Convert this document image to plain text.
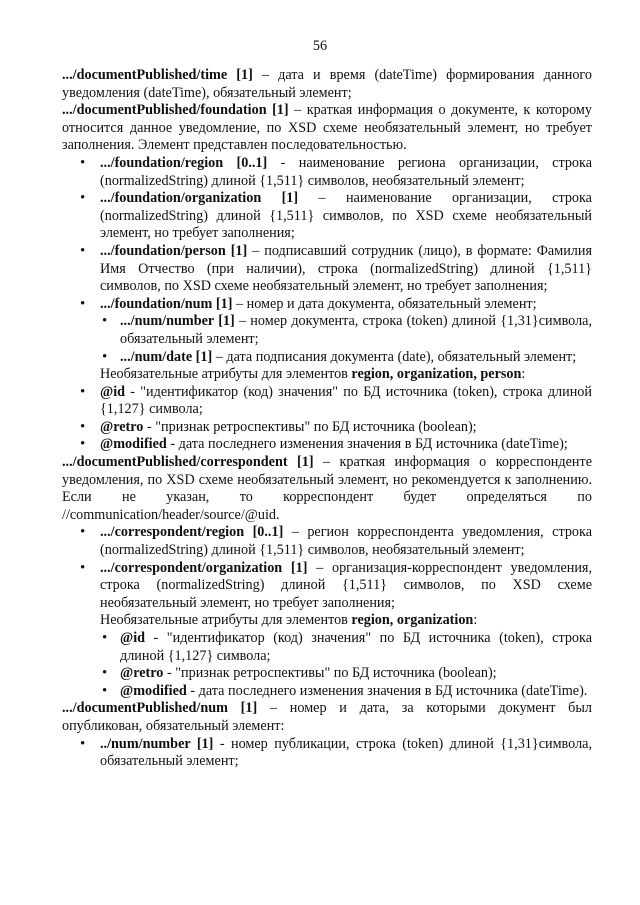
56

.../documentPublished/time [1] – дата и время (dateTime) формирования данного уведомления (dateTime), обязательный элемент;

.../documentPublished/foundation [1] – краткая информация о документе, к которому относится данное уведомление, по XSD схеме необязательный элемент, но требует заполнения. Элемент представлен последовательностью.

• .../foundation/region [0..1] - наименование региона организации, строка (normalizedString) длиной {1,511} символов, необязательный элемент;
• .../foundation/organization [1] – наименование организации, строка (normalizedString) длиной {1,511} символов, по XSD схеме необязательный элемент, но требует заполнения;
• .../foundation/person [1] – подписавший сотрудник (лицо), в формате: Фамилия Имя Отчество (при наличии), строка (normalizedString) длиной {1,511} символов, по XSD схеме необязательный элемент, но требует заполнения;
• .../foundation/num [1] – номер и дата документа, обязательный элемент;
• .../num/number [1] – номер документа, строка (token) длиной {1,31}символа, обязательный элемент;
• .../num/date [1] – дата подписания документа (date), обязательный элемент;
Необязательные атрибуты для элементов region, organization, person:
• @id - "идентификатор (код) значения" по БД источника (token), строка длиной {1,127} символа;
• @retro - "признак ретроспективы" по БД источника (boolean);
• @modified - дата последнего изменения значения в БД источника (dateTime);

.../documentPublished/correspondent [1] – краткая информация о корреспонденте уведомления, по XSD схеме необязательный элемент, но рекомендуется к заполнению. Если не указан, то корреспондент будет определяться по //communication/header/source/@uid.

• .../correspondent/region [0..1] – регион корреспондента уведомления, строка (normalizedString) длиной {1,511} символов, необязательный элемент;
• .../correspondent/organization [1] – организация-корреспондент уведомления, строка (normalizedString) длиной {1,511} символов, по XSD схеме необязательный элемент, но требует заполнения;
Необязательные атрибуты для элементов region, organization:
• @id - "идентификатор (код) значения" по БД источника (token), строка длиной {1,127} символа;
• @retro - "признак ретроспективы" по БД источника (boolean);
• @modified - дата последнего изменения значения в БД источника (dateTime).

.../documentPublished/num [1] – номер и дата, за которыми документ был опубликован, обязательный элемент:

• ../num/number [1] - номер публикации, строка (token) длиной {1,31}символа, обязательный элемент;
